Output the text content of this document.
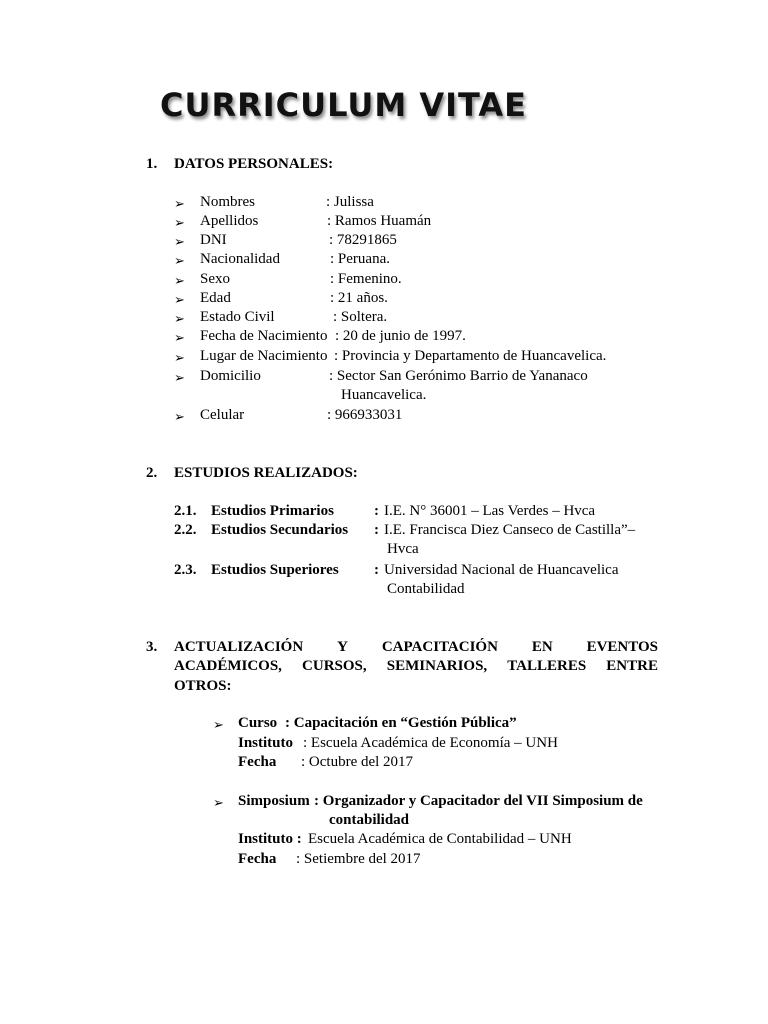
CURRICULUM VITAE
1. DATOS PERSONALES:
➢ Nombres	: Julissa
➢ Apellidos	: Ramos Huamán
➢ DNI	: 78291865
➢ Nacionalidad	: Peruana.
➢ Sexo	: Femenino.
➢ Edad	: 21 años.
➢ Estado Civil	: Soltera.
➢ Fecha de Nacimiento : 20 de junio de 1997.
➢ Lugar de Nacimiento : Provincia y Departamento de Huancavelica.
➢ Domicilio	: Sector San Gerónimo Barrio de Yananaco
Huancavelica.
➢ Celular	: 966933031
2. ESTUDIOS REALIZADOS:
2.1. Estudios Primarios	: I.E. N° 36001 – Las Verdes – Hvca
2.2. Estudios Secundarios : I.E. Francisca Diez Canseco de Castilla”–
Hvca
2.3. Estudios Superiores : Universidad Nacional de Huancavelica
Contabilidad
3. ACTUALIZACIÓN Y CAPACITACIÓN EN EVENTOS
ACADÉMICOS, CURSOS, SEMINARIOS, TALLERES ENTRE
OTROS:
➢ Curso : Capacitación en “Gestión Pública”
Instituto : Escuela Académica de Economía – UNH
Fecha : Octubre del 2017
➢ Simposium : Organizador y Capacitador del VII Simposium de
contabilidad
Instituto : Escuela Académica de Contabilidad – UNH
Fecha : Setiembre del 2017
